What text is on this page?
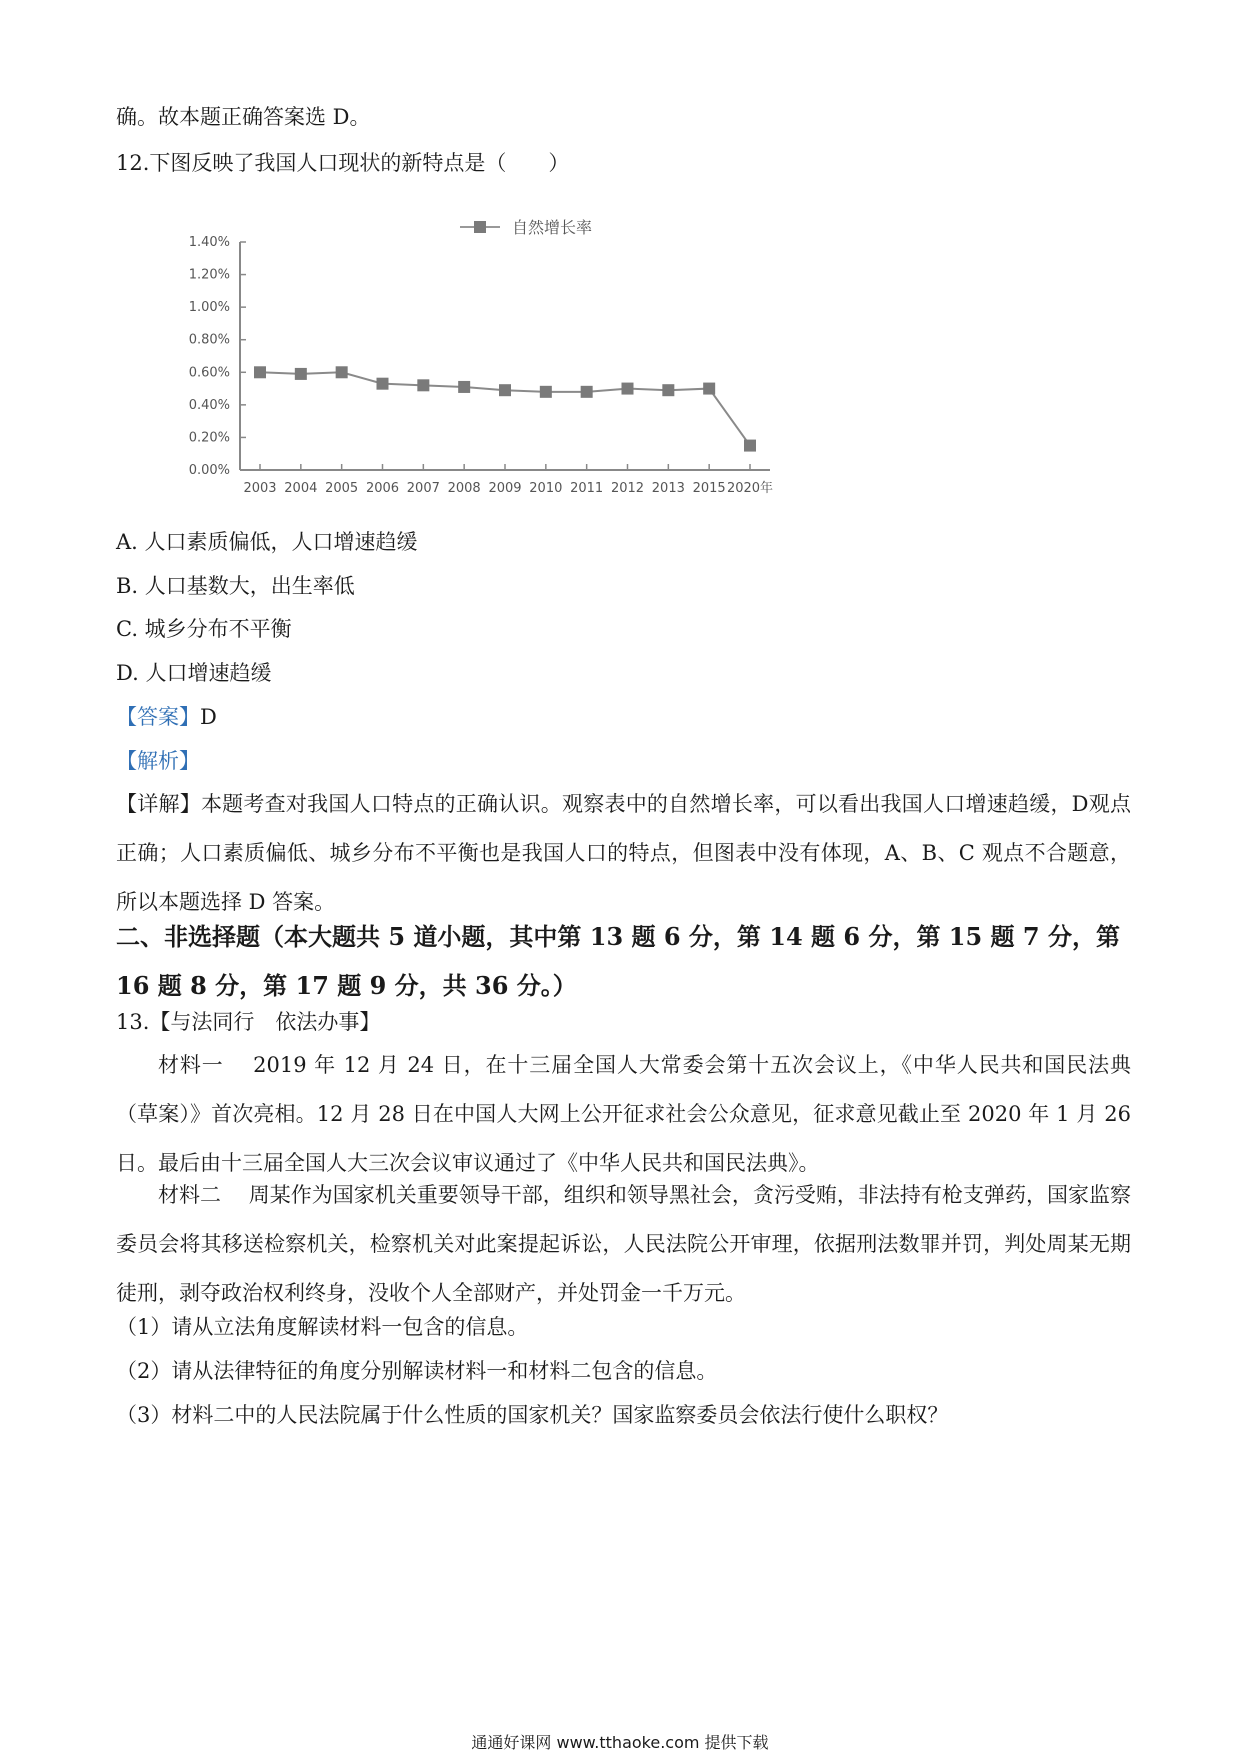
确。故本题正确答案选 D。
12.下图反映了我国人口现状的新特点是（　　）
自然增长率
0.00%
0.20%
0.40%
0.60%
0.80%
1.00%
1.20%
1.40%
2003 2004 2005 2006 2007 2008 2009 2010 2011 2012 2013 2015 2020年
A. 人口素质偏低，人口增速趋缓
B. 人口基数大，出生率低
C. 城乡分布不平衡
D. 人口增速趋缓
【答案】D
【解析】
【详解】本题考查对我国人口特点的正确认识。观察表中的自然增长率，可以看出我国人口增速趋缓，D观点正确；人口素质偏低、城乡分布不平衡也是我国人口的特点，但图表中没有体现，A、B、C 观点不合题意，所以本题选择 D 答案。
二、非选择题（本大题共 5 道小题，其中第 13 题 6 分，第 14 题 6 分，第 15 题 7 分，第 16 题 8 分，第 17 题 9 分，共 36 分。）
13.【与法同行　依法办事】
材料一　 2019 年 12 月 24 日，在十三届全国人大常委会第十五次会议上，《中华人民共和国民法典（草案）》首次亮相。12 月 28 日在中国人大网上公开征求社会公众意见，征求意见截止至 2020 年 1 月 26 日。最后由十三届全国人大三次会议审议通过了《中华人民共和国民法典》。
材料二　 周某作为国家机关重要领导干部，组织和领导黑社会，贪污受贿，非法持有枪支弹药，国家监察委员会将其移送检察机关，检察机关对此案提起诉讼，人民法院公开审理，依据刑法数罪并罚，判处周某无期徒刑，剥夺政治权利终身，没收个人全部财产，并处罚金一千万元。
（1）请从立法角度解读材料一包含的信息。
（2）请从法律特征的角度分别解读材料一和材料二包含的信息。
（3）材料二中的人民法院属于什么性质的国家机关？国家监察委员会依法行使什么职权？
通通好课网 www.tthaoke.com 提供下载
